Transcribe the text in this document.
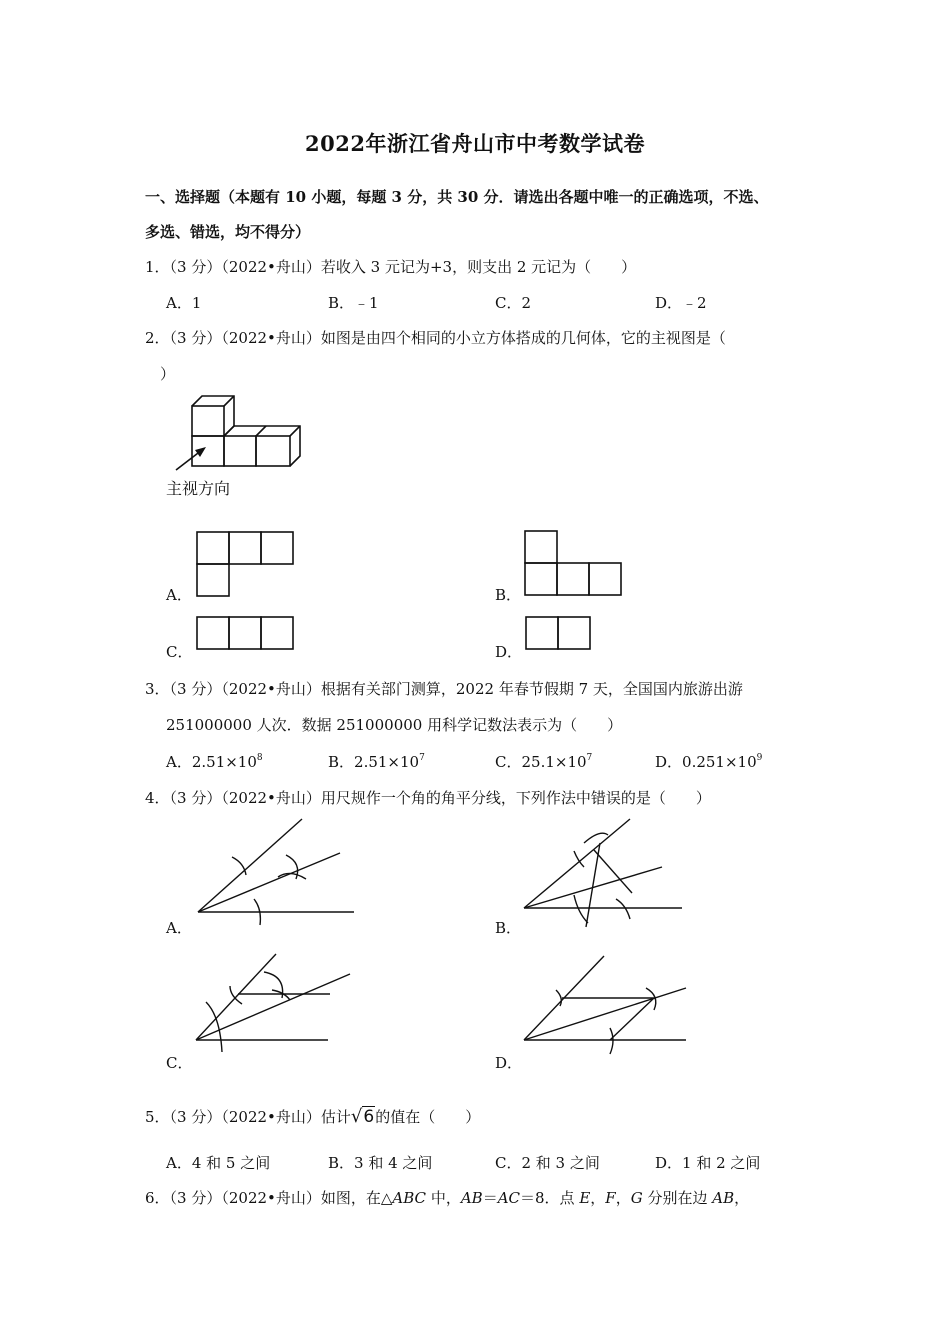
2022年浙江省舟山市中考数学试卷
一、选择题（本题有 10 小题，每题 3 分，共 30 分．请选出各题中唯一的正确选项，不选、
多选、错选，均不得分）
1．（3 分）（2022•舟山）若收入 3 元记为+3，则支出 2 元记为（　　）
A．1	B．﹣1	C．2	D．﹣2
2．（3 分）（2022•舟山）如图是由四个相同的小立方体搭成的几何体，它的主视图是（
）
主视方向
A．	B．
C．	D．
3．（3 分）（2022•舟山）根据有关部门测算，2022 年春节假期 7 天，全国国内旅游出游
251000000 人次．数据 251000000 用科学记数法表示为（　　）
A．$2.51\times 10^8$	B．$2.51\times 10^7$	C．$25.1\times 10^7$	D．$0.251\times 10^9$
4．（3 分）（2022•舟山）用尺规作一个角的角平分线，下列作法中错误的是（　　）
A．	B．
C．	D．
5．（3 分）（2022•舟山）估计√6的值在（　　）
A．4 和 5 之间	B．3 和 4 之间	C．2 和 3 之间	D．1 和 2 之间
6．（3 分）（2022•舟山）如图，在△ABC 中，AB＝AC＝8．点 E，F，G 分别在边 AB，
